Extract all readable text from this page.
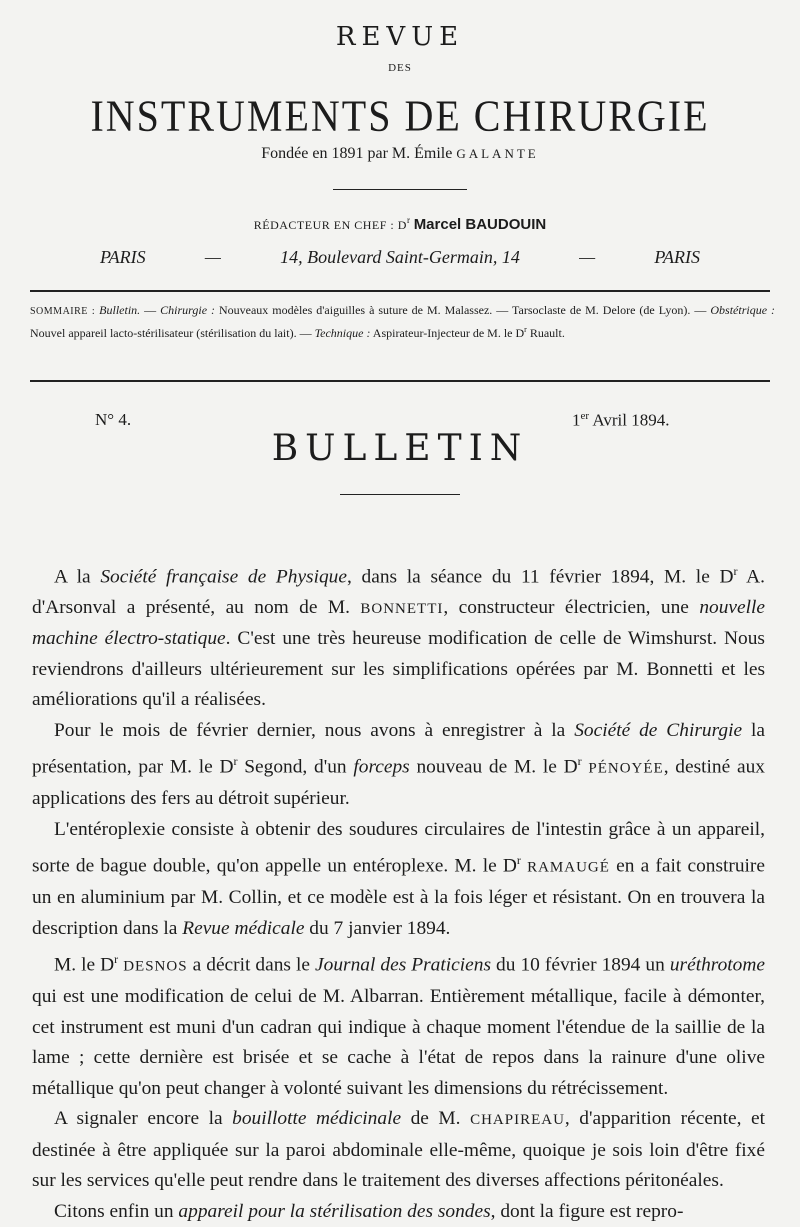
REVUE
DES
INSTRUMENTS DE CHIRURGIE
Fondée en 1891 par M. Émile GALANTE
RÉDACTEUR EN CHEF : $D^r$ Marcel BAUDOUIN
PARIS	—	14, Boulevard Saint-Germain, 14	—	PARIS
SOMMAIRE : Bulletin. — Chirurgie : Nouveaux modèles d'aiguilles à suture de M. Malassez. — Tarsoclaste de M. Delore (de Lyon). — Obstétrique : Nouvel appareil lacto-stérilisateur (stérilisation du lait). — Technique : Aspirateur-Injecteur de M. le $D^r$ Ruault.
N° 4.	1er Avril 1894.
BULLETIN

A la Société française de Physique, dans la séance du 11 février 1894, M. le $D^r$ A. d'Arsonval a présenté, au nom de M. BONNETTI, constructeur électricien, une nouvelle machine électro-statique. C'est une très heureuse modification de celle de Wimshurst. Nous reviendrons d'ailleurs ultérieurement sur les simplifications opérées par M. Bonnetti et les améliorations qu'il a réalisées.

Pour le mois de février dernier, nous avons à enregistrer à la Société de Chirurgie la présentation, par M. le $D^r$ Segond, d'un forceps nouveau de M. le $D^r$ PÉNOYÉE, destiné aux applications des fers au détroit supérieur.

L'entéroplexie consiste à obtenir des soudures circulaires de l'intestin grâce à un appareil, sorte de bague double, qu'on appelle un entéroplexe. M. le $D^r$ RAMAUGÉ en a fait construire un en aluminium par M. Collin, et ce modèle est à la fois léger et résistant. On en trouvera la description dans la Revue médicale du 7 janvier 1894.

M. le $D^r$ DESNOS a décrit dans le Journal des Praticiens du 10 février 1894 un uréthrotome qui est une modification de celui de M. Albarran. Entièrement métallique, facile à démonter, cet instrument est muni d'un cadran qui indique à chaque moment l'étendue de la saillie de la lame ; cette dernière est brisée et se cache à l'état de repos dans la rainure d'une olive métallique qu'on peut changer à volonté suivant les dimensions du rétrécissement.

A signaler encore la bouillotte médicinale de M. CHAPIREAU, d'apparition récente, et destinée à être appliquée sur la paroi abdominale elle-même, quoique je sois loin d'être fixé sur les services qu'elle peut rendre dans le traitement des diverses affections péritonéales.

Citons enfin un appareil pour la stérilisation des sondes, dont la figure est repro-
